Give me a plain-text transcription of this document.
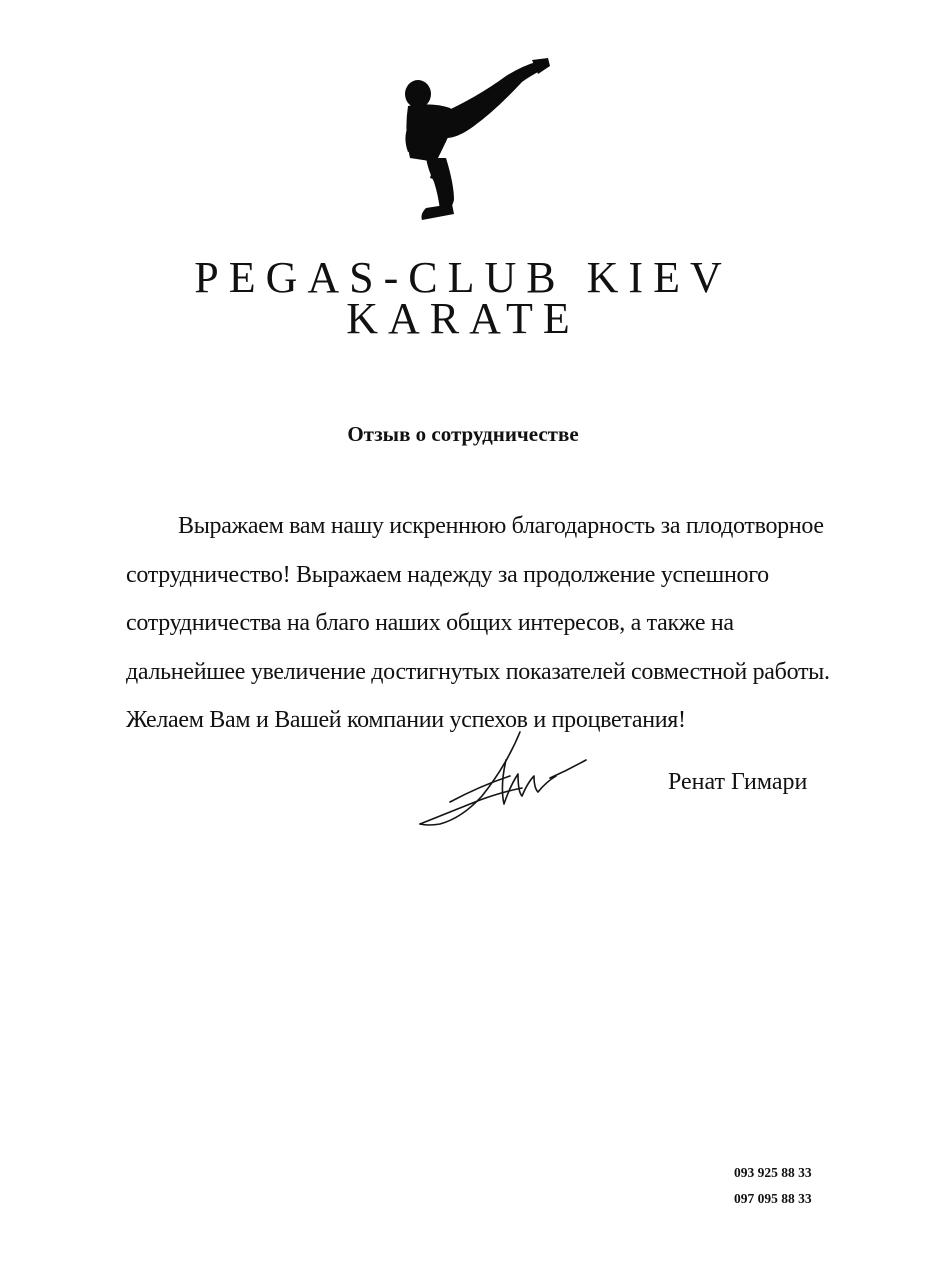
PEGAS-CLUB KIEV
KARATE
Отзыв о сотрудничестве
Выражаем вам нашу искреннюю благодарность за плодотворное
сотрудничество! Выражаем надежду за продолжение успешного
сотрудничества на благо наших общих интересов, а также на
дальнейшее увеличение достигнутых показателей совместной работы.
Желаем Вам и Вашей компании успехов и процветания!
Ренат Гимари
093 925 88 33
097 095 88 33
